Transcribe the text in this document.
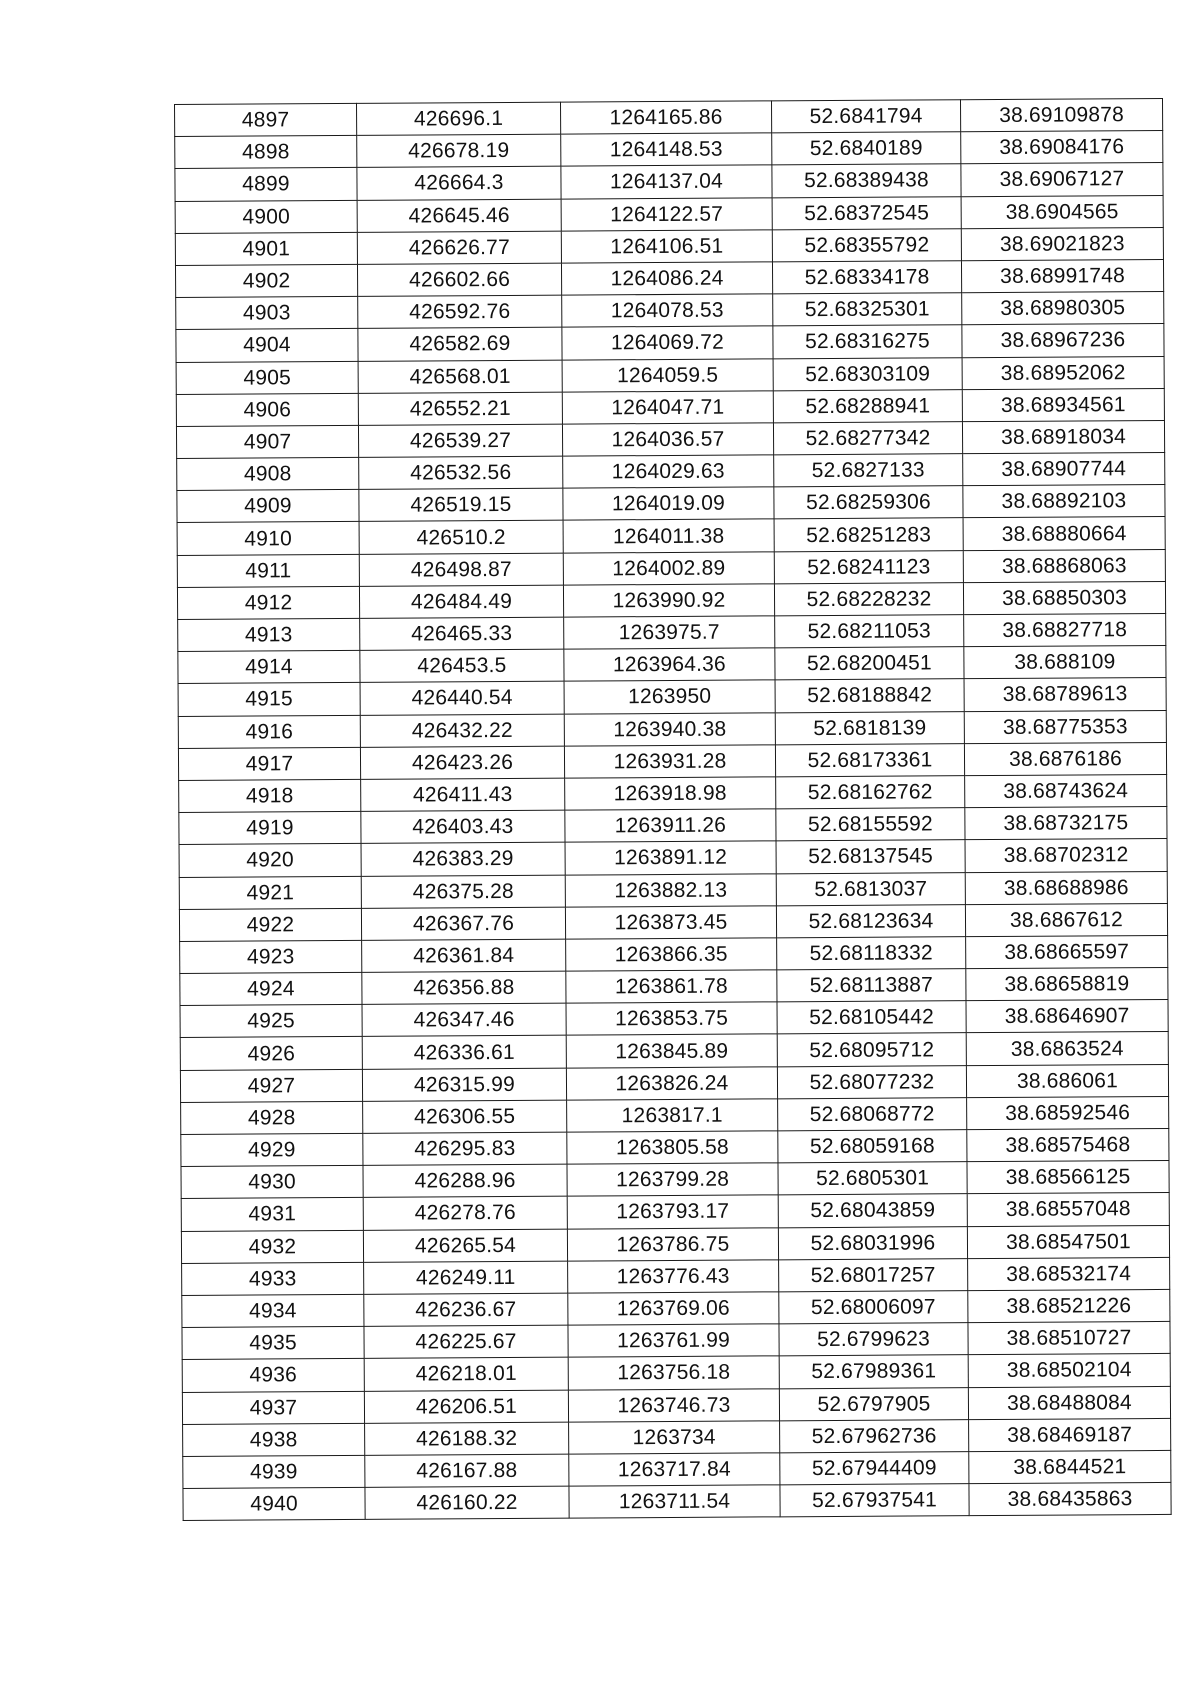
4897	426696.1	1264165.86	52.6841794	38.69109878
4898	426678.19	1264148.53	52.6840189	38.69084176
4899	426664.3	1264137.04	52.68389438	38.69067127
4900	426645.46	1264122.57	52.68372545	38.6904565
4901	426626.77	1264106.51	52.68355792	38.69021823
4902	426602.66	1264086.24	52.68334178	38.68991748
4903	426592.76	1264078.53	52.68325301	38.68980305
4904	426582.69	1264069.72	52.68316275	38.68967236
4905	426568.01	1264059.5	52.68303109	38.68952062
4906	426552.21	1264047.71	52.68288941	38.68934561
4907	426539.27	1264036.57	52.68277342	38.68918034
4908	426532.56	1264029.63	52.6827133	38.68907744
4909	426519.15	1264019.09	52.68259306	38.68892103
4910	426510.2	1264011.38	52.68251283	38.68880664
4911	426498.87	1264002.89	52.68241123	38.68868063
4912	426484.49	1263990.92	52.68228232	38.68850303
4913	426465.33	1263975.7	52.68211053	38.68827718
4914	426453.5	1263964.36	52.68200451	38.688109
4915	426440.54	1263950	52.68188842	38.68789613
4916	426432.22	1263940.38	52.6818139	38.68775353
4917	426423.26	1263931.28	52.68173361	38.6876186
4918	426411.43	1263918.98	52.68162762	38.68743624
4919	426403.43	1263911.26	52.68155592	38.68732175
4920	426383.29	1263891.12	52.68137545	38.68702312
4921	426375.28	1263882.13	52.6813037	38.68688986
4922	426367.76	1263873.45	52.68123634	38.6867612
4923	426361.84	1263866.35	52.68118332	38.68665597
4924	426356.88	1263861.78	52.68113887	38.68658819
4925	426347.46	1263853.75	52.68105442	38.68646907
4926	426336.61	1263845.89	52.68095712	38.6863524
4927	426315.99	1263826.24	52.68077232	38.686061
4928	426306.55	1263817.1	52.68068772	38.68592546
4929	426295.83	1263805.58	52.68059168	38.68575468
4930	426288.96	1263799.28	52.6805301	38.68566125
4931	426278.76	1263793.17	52.68043859	38.68557048
4932	426265.54	1263786.75	52.68031996	38.68547501
4933	426249.11	1263776.43	52.68017257	38.68532174
4934	426236.67	1263769.06	52.68006097	38.68521226
4935	426225.67	1263761.99	52.6799623	38.68510727
4936	426218.01	1263756.18	52.67989361	38.68502104
4937	426206.51	1263746.73	52.6797905	38.68488084
4938	426188.32	1263734	52.67962736	38.68469187
4939	426167.88	1263717.84	52.67944409	38.6844521
4940	426160.22	1263711.54	52.67937541	38.68435863
